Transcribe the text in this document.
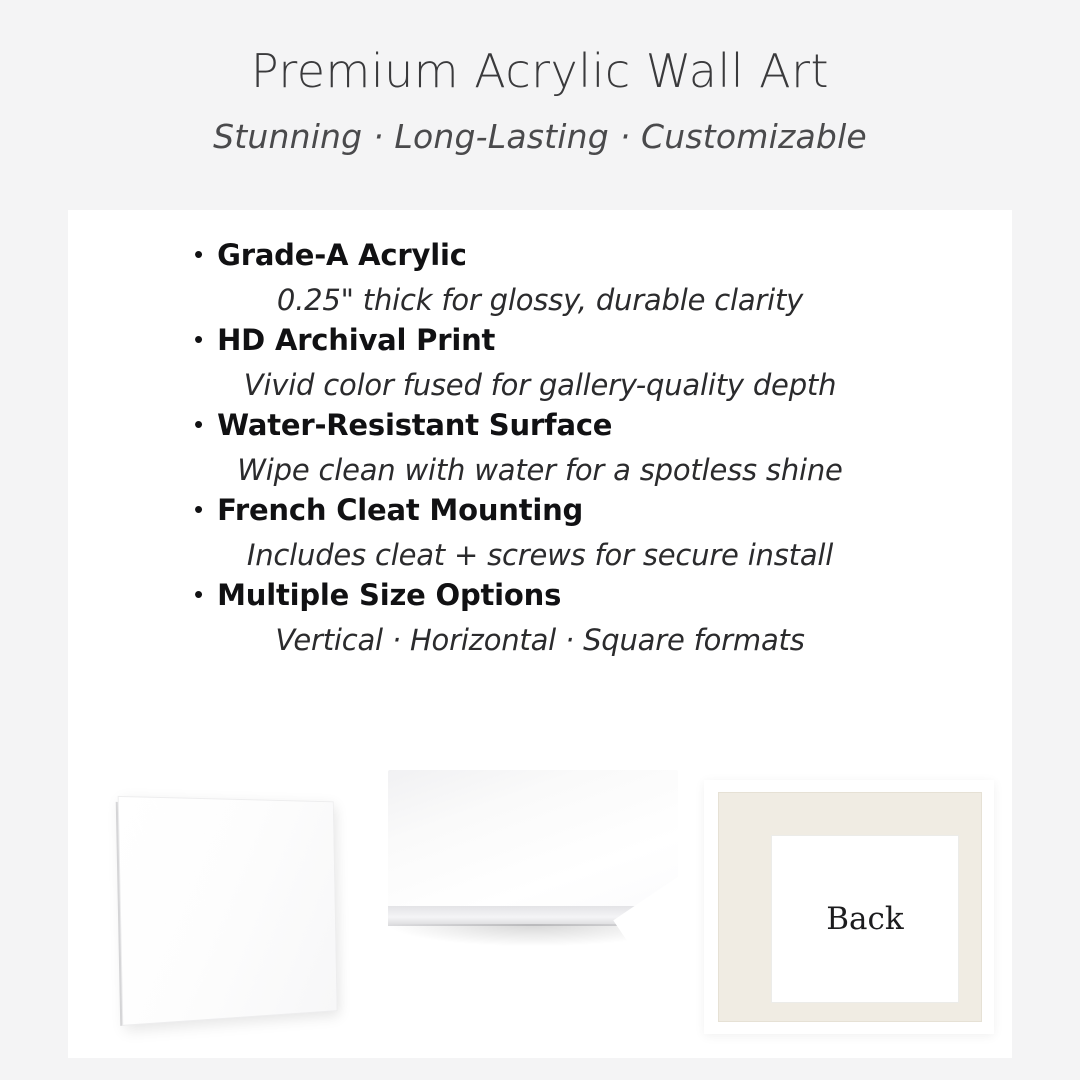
Premium Acrylic Wall Art
Stunning · Long-Lasting · Customizable
• Grade-A Acrylic
0.25" thick for glossy, durable clarity
• HD Archival Print
Vivid color fused for gallery-quality depth
• Water-Resistant Surface
Wipe clean with water for a spotless shine
• French Cleat Mounting
Includes cleat + screws for secure install
• Multiple Size Options
Vertical · Horizontal · Square formats
Back
